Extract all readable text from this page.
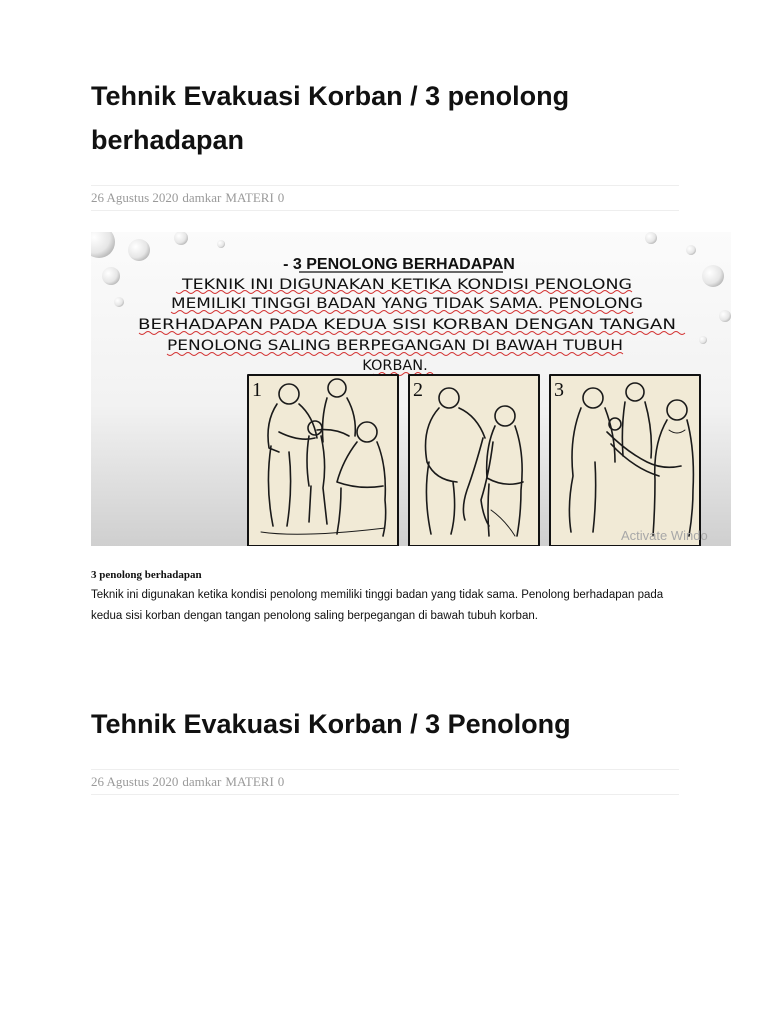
Tehnik Evakuasi Korban / 3 penolong berhadapan
26 Agustus 2020 damkar MATERI 0
- 3 PENOLONG BERHADAPAN
TEKNIK INI DIGUNAKAN KETIKA KONDISI PENOLONG
MEMILIKI TINGGI BADAN YANG TIDAK SAMA. PENOLONG
BERHADAPAN PADA KEDUA SISI KORBAN DENGAN TANGAN
PENOLONG SALING BERPEGANGAN DI BAWAH TUBUH
KORBAN.
1	2	3
Activate Windo
3 penolong berhadapan

Teknik ini digunakan ketika kondisi penolong memiliki tinggi badan yang tidak sama. Penolong berhadapan pada kedua sisi korban dengan tangan penolong saling berpegangan di bawah tubuh korban.

Tehnik Evakuasi Korban / 3 Penolong
26 Agustus 2020 damkar MATERI 0
